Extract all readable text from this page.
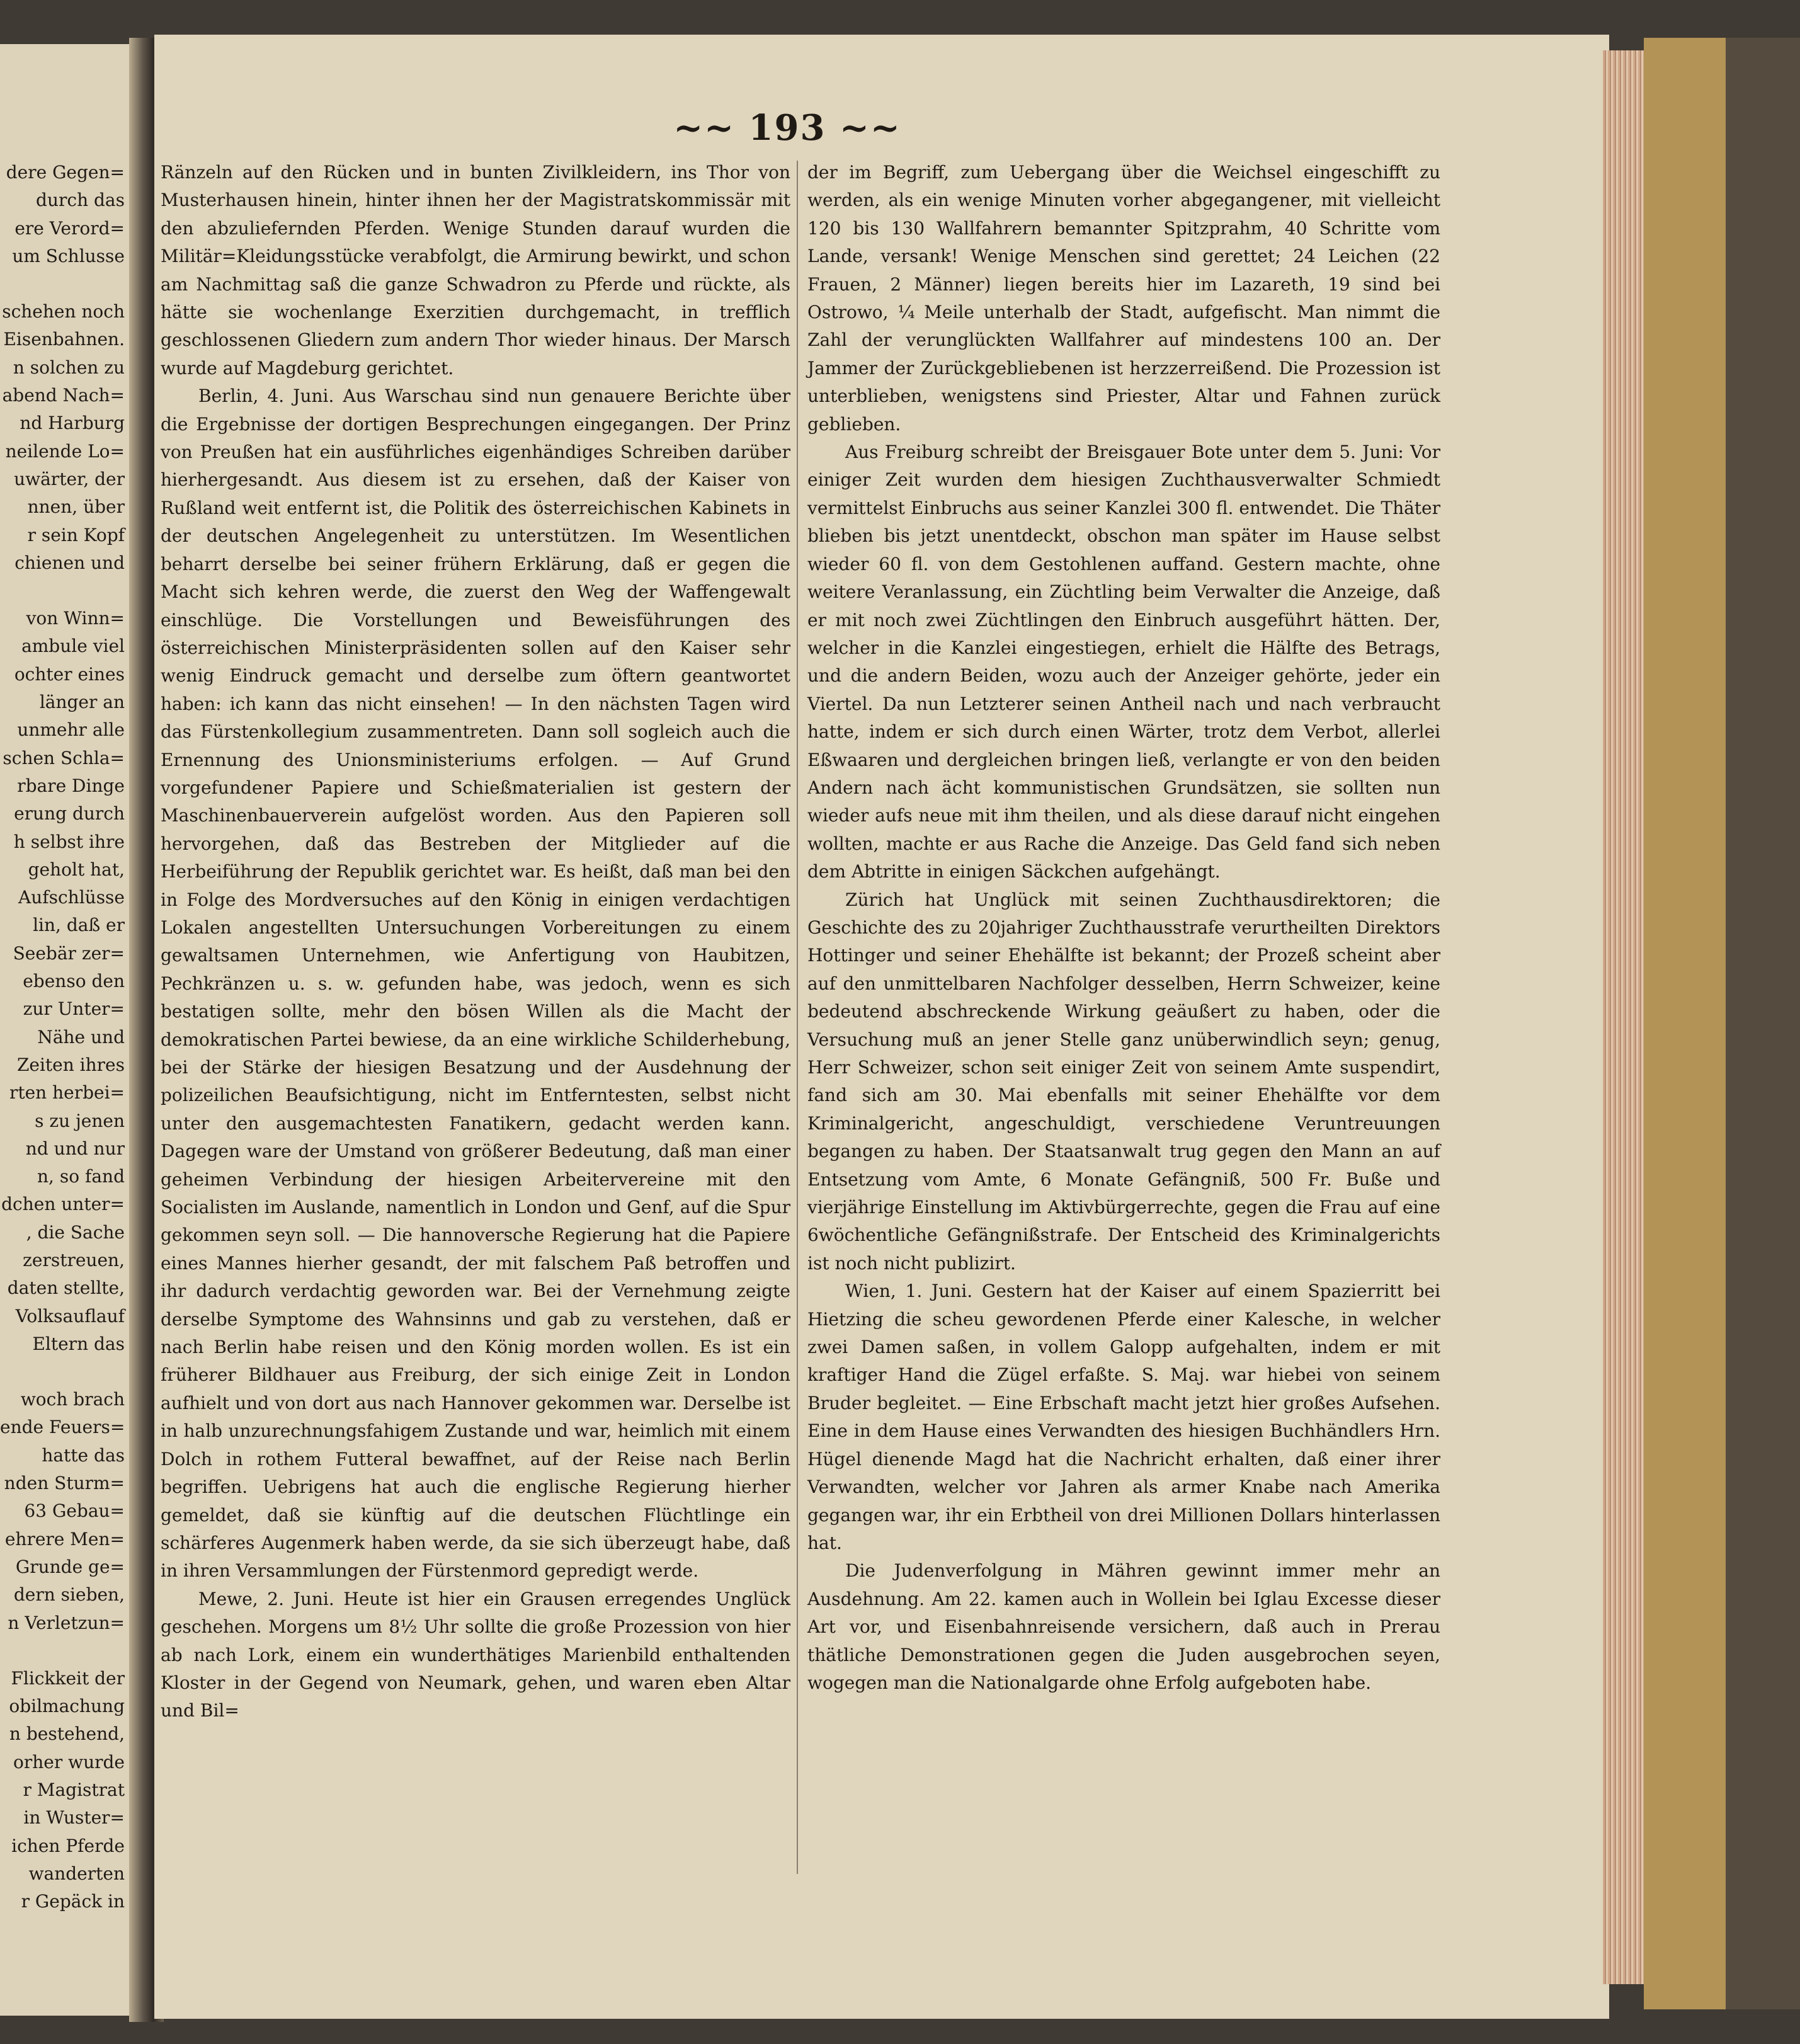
dere Gegen=

durch das

ere Verord=

um Schlusse

schehen noch

Eisenbahnen.

n solchen zu

abend Nach=

nd Harburg

neilende Lo=

uwärter, der

nnen, über

r sein Kopf

chienen und

von Winn=

ambule viel

ochter eines

länger an

unmehr alle

schen Schla=

rbare Dinge

erung durch

h selbst ihre

geholt hat,

Aufschlüsse

lin, daß er

Seebär zer=

ebenso den

zur Unter=

Nähe und

Zeiten ihres

rten herbei=

s zu jenen

nd und nur

n, so fand

dchen unter=

, die Sache

zerstreuen,

daten stellte,

Volksauflauf

Eltern das

woch brach

ende Feuers=

hatte das

nden Sturm=

63 Gebau=

ehrere Men=

Grunde ge=

dern sieben,

n Verletzun=

Flickkeit der

obilmachung

n bestehend,

orher wurde

r Magistrat

in Wuster=

ichen Pferde

wanderten

r Gepäck in

~~ 193 ~~

Ränzeln auf den Rücken und in bunten Zivilkleidern, ins Thor von Musterhausen hinein, hinter ihnen her der Magistratskommissär mit den abzuliefernden Pferden. Wenige Stunden darauf wurden die Militär=Kleidungsstücke verabfolgt, die Armirung bewirkt, und schon am Nachmittag saß die ganze Schwadron zu Pferde und rückte, als hätte sie wochenlange Exerzitien durchgemacht, in trefflich geschlossenen Gliedern zum andern Thor wieder hinaus. Der Marsch wurde auf Magdeburg gerichtet.

Berlin, 4. Juni. Aus Warschau sind nun genauere Berichte über die Ergebnisse der dortigen Besprechungen eingegangen. Der Prinz von Preußen hat ein ausführliches eigenhändiges Schreiben darüber hierhergesandt. Aus diesem ist zu ersehen, daß der Kaiser von Rußland weit entfernt ist, die Politik des österreichischen Kabinets in der deutschen Angelegenheit zu unterstützen. Im Wesentlichen beharrt derselbe bei seiner frühern Erklärung, daß er gegen die Macht sich kehren werde, die zuerst den Weg der Waffengewalt einschlüge. Die Vorstellungen und Beweisführungen des österreichischen Ministerpräsidenten sollen auf den Kaiser sehr wenig Eindruck gemacht und derselbe zum öftern geantwortet haben: ich kann das nicht einsehen! — In den nächsten Tagen wird das Fürstenkollegium zusammentreten. Dann soll sogleich auch die Ernennung des Unionsministeriums erfolgen. — Auf Grund vorgefundener Papiere und Schießmaterialien ist gestern der Maschinenbauerverein aufgelöst worden. Aus den Papieren soll hervorgehen, daß das Bestreben der Mitglieder auf die Herbeiführung der Republik gerichtet war. Es heißt, daß man bei den in Folge des Mordversuches auf den König in einigen verdachtigen Lokalen angestellten Untersuchungen Vorbereitungen zu einem gewaltsamen Unternehmen, wie Anfertigung von Haubitzen, Pechkränzen u. s. w. gefunden habe, was jedoch, wenn es sich bestatigen sollte, mehr den bösen Willen als die Macht der demokratischen Partei bewiese, da an eine wirkliche Schilderhebung, bei der Stärke der hiesigen Besatzung und der Ausdehnung der polizeilichen Beaufsichtigung, nicht im Entferntesten, selbst nicht unter den ausgemachtesten Fanatikern, gedacht werden kann. Dagegen ware der Umstand von größerer Bedeutung, daß man einer geheimen Verbindung der hiesigen Arbeitervereine mit den Socialisten im Auslande, namentlich in London und Genf, auf die Spur gekommen seyn soll. — Die hannoversche Regierung hat die Papiere eines Mannes hierher gesandt, der mit falschem Paß betroffen und ihr dadurch verdachtig geworden war. Bei der Vernehmung zeigte derselbe Symptome des Wahnsinns und gab zu verstehen, daß er nach Berlin habe reisen und den König morden wollen. Es ist ein früherer Bildhauer aus Freiburg, der sich einige Zeit in London aufhielt und von dort aus nach Hannover gekommen war. Derselbe ist in halb unzurechnungsfahigem Zustande und war, heimlich mit einem Dolch in rothem Futteral bewaffnet, auf der Reise nach Berlin begriffen. Uebrigens hat auch die englische Regierung hierher gemeldet, daß sie künftig auf die deutschen Flüchtlinge ein schärferes Augenmerk haben werde, da sie sich überzeugt habe, daß in ihren Versammlungen der Fürstenmord gepredigt werde.

Mewe, 2. Juni. Heute ist hier ein Grausen erregendes Unglück geschehen. Morgens um 8½ Uhr sollte die große Prozession von hier ab nach Lork, einem ein wunderthätiges Marienbild enthaltenden Kloster in der Gegend von Neumark, gehen, und waren eben Altar und Bil=

der im Begriff, zum Uebergang über die Weichsel eingeschifft zu werden, als ein wenige Minuten vorher abgegangener, mit vielleicht 120 bis 130 Wallfahrern bemannter Spitzprahm, 40 Schritte vom Lande, versank! Wenige Menschen sind gerettet; 24 Leichen (22 Frauen, 2 Männer) liegen bereits hier im Lazareth, 19 sind bei Ostrowo, ¼ Meile unterhalb der Stadt, aufgefischt. Man nimmt die Zahl der verunglückten Wallfahrer auf mindestens 100 an. Der Jammer der Zurückgebliebenen ist herzzerreißend. Die Prozession ist unterblieben, wenigstens sind Priester, Altar und Fahnen zurück geblieben.

Aus Freiburg schreibt der Breisgauer Bote unter dem 5. Juni: Vor einiger Zeit wurden dem hiesigen Zuchthausverwalter Schmiedt vermittelst Einbruchs aus seiner Kanzlei 300 fl. entwendet. Die Thäter blieben bis jetzt unentdeckt, obschon man später im Hause selbst wieder 60 fl. von dem Gestohlenen auffand. Gestern machte, ohne weitere Veranlassung, ein Züchtling beim Verwalter die Anzeige, daß er mit noch zwei Züchtlingen den Einbruch ausgeführt hätten. Der, welcher in die Kanzlei eingestiegen, erhielt die Hälfte des Betrags, und die andern Beiden, wozu auch der Anzeiger gehörte, jeder ein Viertel. Da nun Letzterer seinen Antheil nach und nach verbraucht hatte, indem er sich durch einen Wärter, trotz dem Verbot, allerlei Eßwaaren und dergleichen bringen ließ, verlangte er von den beiden Andern nach ächt kommunistischen Grundsätzen, sie sollten nun wieder aufs neue mit ihm theilen, und als diese darauf nicht eingehen wollten, machte er aus Rache die Anzeige. Das Geld fand sich neben dem Abtritte in einigen Säckchen aufgehängt.

Zürich hat Unglück mit seinen Zuchthausdirektoren; die Geschichte des zu 20jahriger Zuchthausstrafe verurtheilten Direktors Hottinger und seiner Ehehälfte ist bekannt; der Prozeß scheint aber auf den unmittelbaren Nachfolger desselben, Herrn Schweizer, keine bedeutend abschreckende Wirkung geäußert zu haben, oder die Versuchung muß an jener Stelle ganz unüberwindlich seyn; genug, Herr Schweizer, schon seit einiger Zeit von seinem Amte suspendirt, fand sich am 30. Mai ebenfalls mit seiner Ehehälfte vor dem Kriminalgericht, angeschuldigt, verschiedene Veruntreuungen begangen zu haben. Der Staatsanwalt trug gegen den Mann an auf Entsetzung vom Amte, 6 Monate Gefängniß, 500 Fr. Buße und vierjährige Einstellung im Aktivbürgerrechte, gegen die Frau auf eine 6wöchentliche Gefängnißstrafe. Der Entscheid des Kriminalgerichts ist noch nicht publizirt.

Wien, 1. Juni. Gestern hat der Kaiser auf einem Spazierritt bei Hietzing die scheu gewordenen Pferde einer Kalesche, in welcher zwei Damen saßen, in vollem Galopp aufgehalten, indem er mit kraftiger Hand die Zügel erfaßte. S. Maj. war hiebei von seinem Bruder begleitet. — Eine Erbschaft macht jetzt hier großes Aufsehen. Eine in dem Hause eines Verwandten des hiesigen Buchhändlers Hrn. Hügel dienende Magd hat die Nachricht erhalten, daß einer ihrer Verwandten, welcher vor Jahren als armer Knabe nach Amerika gegangen war, ihr ein Erbtheil von drei Millionen Dollars hinterlassen hat.

Die Judenverfolgung in Mähren gewinnt immer mehr an Ausdehnung. Am 22. kamen auch in Wollein bei Iglau Excesse dieser Art vor, und Eisenbahnreisende versichern, daß auch in Prerau thätliche Demonstrationen gegen die Juden ausgebrochen seyen, wogegen man die Nationalgarde ohne Erfolg aufgeboten habe.
